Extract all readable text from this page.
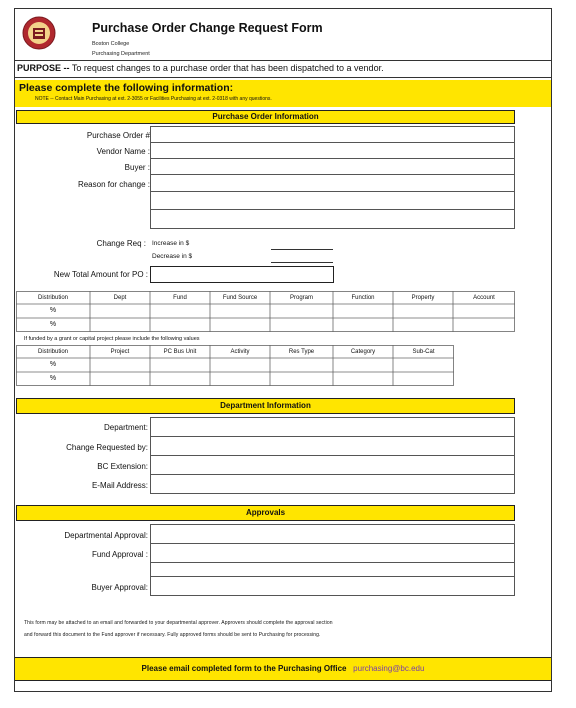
Purchase Order Change Request Form
Boston College
Purchasing Department
PURPOSE -- To request changes to a purchase order that has been dispatched to a vendor.
Please complete the following information:
NOTE -- Contact Main Purchasing at ext. 2-3055 or Facilities Purchasing at ext. 2-0318 with any questions.
Purchase Order Information
Purchase Order #
Vendor Name :
Buyer :
Reason for change :
Change Req : Increase in $
Decrease in $
New Total Amount for PO :
Distribution	Dept	Fund	Fund Source	Program	Function	Property	Account
%
%
If funded by a grant or capital project please include the following values
Distribution	Project	PC Bus Unit	Activity	Res Type	Category	Sub-Cat
%
%
Department Information
Department:
Change Requested by:
BC Extension:
E-Mail Address:
Approvals
Departmental Approval:
Fund Approval :
Buyer Approval:
This form may be attached to an email and forwarded to your departmental approver. Approvers should complete the approval section
and forward this document to the Fund approver if necessary. Fully approved forms should be sent to Purchasing for processing.
Please email completed form to the Purchasing Office purchasing@bc.edu
